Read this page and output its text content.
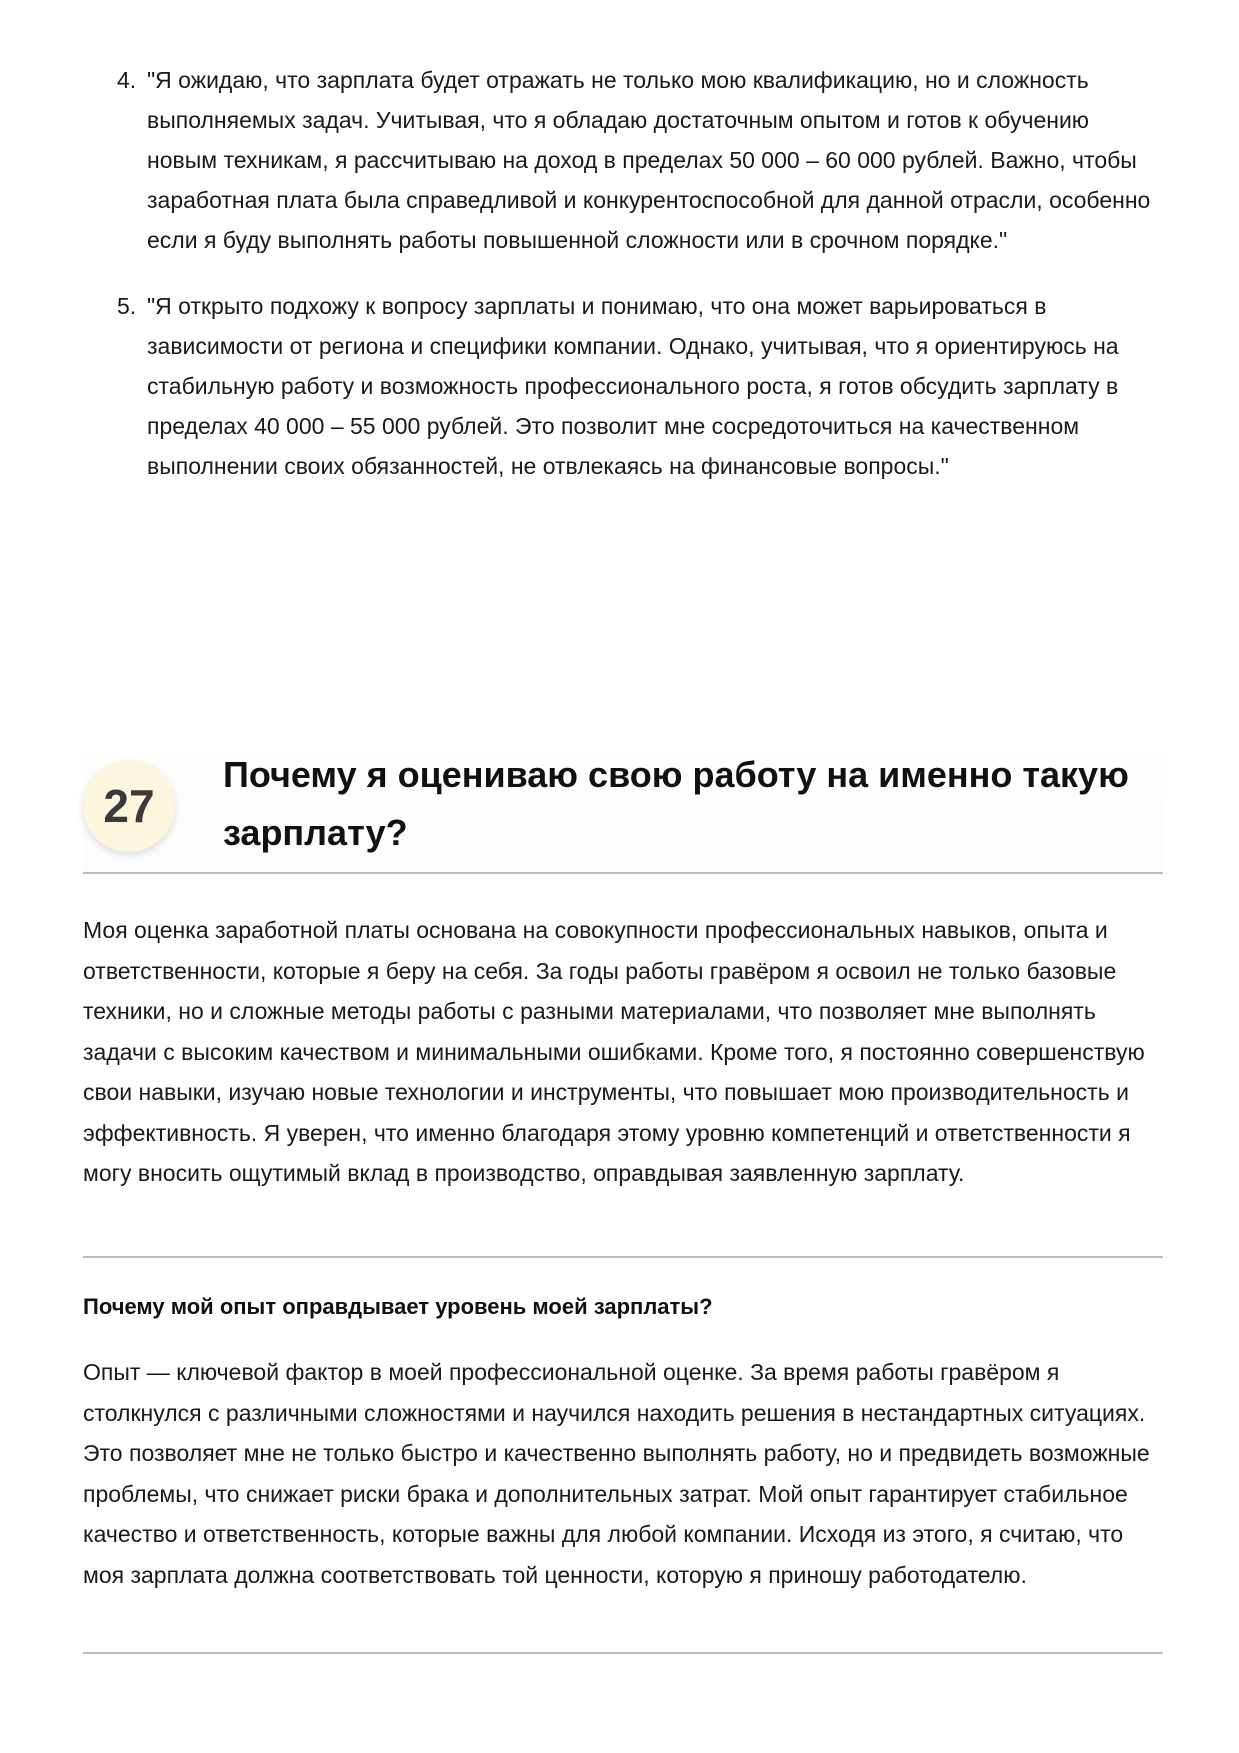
4. "Я ожидаю, что зарплата будет отражать не только мою квалификацию, но и сложность выполняемых задач. Учитывая, что я обладаю достаточным опытом и готов к обучению новым техникам, я рассчитываю на доход в пределах 50 000 – 60 000 рублей. Важно, чтобы заработная плата была справедливой и конкурентоспособной для данной отрасли, особенно если я буду выполнять работы повышенной сложности или в срочном порядке."
5. "Я открыто подхожу к вопросу зарплаты и понимаю, что она может варьироваться в зависимости от региона и специфики компании. Однако, учитывая, что я ориентируюсь на стабильную работу и возможность профессионального роста, я готов обсудить зарплату в пределах 40 000 – 55 000 рублей. Это позволит мне сосредоточиться на качественном выполнении своих обязанностей, не отвлекаясь на финансовые вопросы."
27
Почему я оцениваю свою работу на именно такую зарплату?

Моя оценка заработной платы основана на совокупности профессиональных навыков, опыта и ответственности, которые я беру на себя. За годы работы гравёром я освоил не только базовые техники, но и сложные методы работы с разными материалами, что позволяет мне выполнять задачи с высоким качеством и минимальными ошибками. Кроме того, я постоянно совершенствую свои навыки, изучаю новые технологии и инструменты, что повышает мою производительность и эффективность. Я уверен, что именно благодаря этому уровню компетенций и ответственности я могу вносить ощутимый вклад в производство, оправдывая заявленную зарплату.

Почему мой опыт оправдывает уровень моей зарплаты?

Опыт — ключевой фактор в моей профессиональной оценке. За время работы гравёром я столкнулся с различными сложностями и научился находить решения в нестандартных ситуациях. Это позволяет мне не только быстро и качественно выполнять работу, но и предвидеть возможные проблемы, что снижает риски брака и дополнительных затрат. Мой опыт гарантирует стабильное качество и ответственность, которые важны для любой компании. Исходя из этого, я считаю, что моя зарплата должна соответствовать той ценности, которую я приношу работодателю.
